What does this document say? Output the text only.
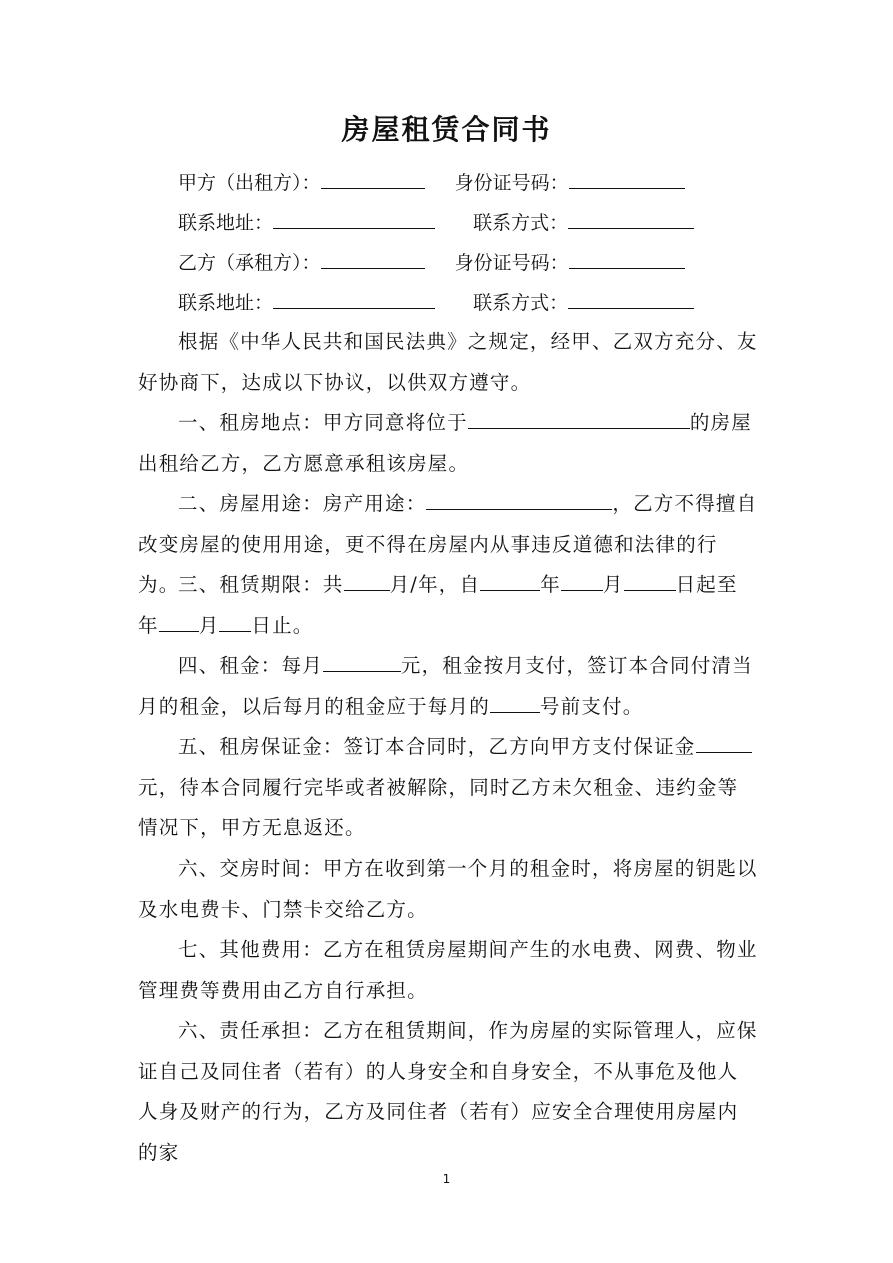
房屋租赁合同书
甲方（出租方）：	身份证号码：
联系地址：	联系方式：
乙方（承租方）：	身份证号码：
联系地址：	联系方式：
根据《中华人民共和国民法典》之规定，经甲、乙双方充分、友好协商下，达成以下协议，以供双方遵守。
一、租房地点：甲方同意将位于	的房屋出租给乙方，乙方愿意承租该房屋。
二、房屋用途：房产用途：	，乙方不得擅自改变房屋的使用用途，更不得在房屋内从事违反道德和法律的行为。
三、租赁期限：共 月/年，自	年 月	日起至年 月 日止。
四、租金：每月	元，租金按月支付，签订本合同付清当月的租金，以后每月的租金应于每月的	号前支付。
五、租房保证金：签订本合同时，乙方向甲方支付保证金元，待本合同履行完毕或者被解除，同时乙方未欠租金、违约金等情况下，甲方无息返还。
六、交房时间：甲方在收到第一个月的租金时，将房屋的钥匙以及水电费卡、门禁卡交给乙方。
七、其他费用：乙方在租赁房屋期间产生的水电费、网费、物业管理费等费用由乙方自行承担。
六、责任承担：乙方在租赁期间，作为房屋的实际管理人，应保证自己及同住者（若有）的人身安全和自身安全，不从事危及他人人身及财产的行为，乙方及同住者（若有）应安全合理使用房屋内的家
1
